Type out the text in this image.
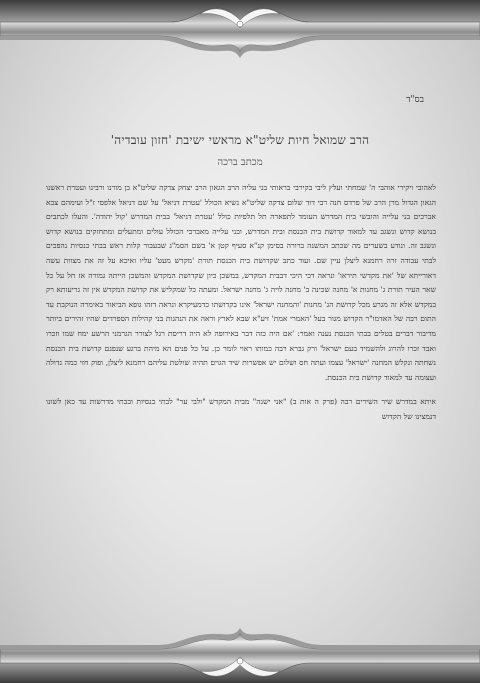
בס"ד
הרב שמואל חיות שליט"א מראשי ישיבת 'חזון עובדיה'
מכתב ברכה

לאהובי ויקירי אוהבי ה' שמחתי ועלץ ליבי בקירבי בראותי בני עליה הרב הגאון הרב יצחק צדקה שליט"א בן מורנו ורבינו ועטרת ראשנו הגאון הגדול מרן הרב של פרדס חנה רבי דוד שלום צדקה שליט"א נשיא הכולל 'עטרת דניאל' על שם דניאל אלפסי ז"ל ועימהם צבא אברכים בני עלייה והובשי בית המדרש העומד לתפארה תל תלפיות כולל 'עטרת דניאל' בבית המדרש 'קול יהודה'. והעלו לכתבים בנושא קדוש ונשגב עד למאוד קדושת בית הכנסת ובית המדרש, ובני עלייה מאברכי הכולל עולים ומתעלים ומתחזקים בנושא קדוש ונשגב זה. ונודע בשערים מה שכתב המשנה ברורה בסימן קנ"א סעיף קטן א' בשם הסמ"ג שבעבור קלות ראש בבתי כנסיות נהפכים לבתי עבודה זרה רחמנא ליצלן עיין שם. ועוד כתב שקדושת בית הכנסת תורת 'מקדש מעט' עליו ואיכא על זה את מצוות עשה דאורייתא של 'את מקדשי תיראו' ונראה דכי היכי דבבית המקדש, במשכן כיון שקדושת המקדש והמשכן הייתה גמורה אז חל על כל שאר העיר תורת ג' מחנות א' מחנה שכינה ב' מחנה לויה ג' מחנה ישראל. ומעתה כל שמקליש את קדושת המקדש אין זה גריעותא רק במקדש אלא זה מגרע מכל קדושת הג' מחנות 'והמחנה ישראל' אינו בקדושתו כדמעיקרא ונראה דזהו גופא הביאור באימרה הנוקבת עד התום רבה של האדמו"ר הקדוש מגור בעל 'האמרי אמת' זיע"א שבא לארץ וראה את הנהגות בני קהילות הספרדים שהיו זהירים ביותר מדיבור דברים בטלים בבתי הכנסת נענה ואמר: 'אם היה כזה דבר באירופה לא היה דריסת רגל לצורר הגרמני הרשע ימח שמו וזכרו ואבד זכרו להרוג ולהשמיד בעם ישראל' ורק גברא רבה כמותו ראוי לומר כן. על כל פנים הא מיהת ברגע שנפגם קדושת בית הכנסת נשחתה ונקלש המחנה 'ישראל' עצמו ועתה חס ושלום יש אפשרות שיד הגוים תהיה שולטת עליהם רחמנא ליצלן, ופוק חזי כמה גדולה ועצומה עד למאוד קדושת בית הכנסת.

איתא במדרש שיר השירים רבה (פרק ה אות ב) "אני ישנה" מבית המקדש "ולבי ער" לבתי כנסיות ובבתי מדרשות עד כאן לשונו דנמצינו של הקדוש
